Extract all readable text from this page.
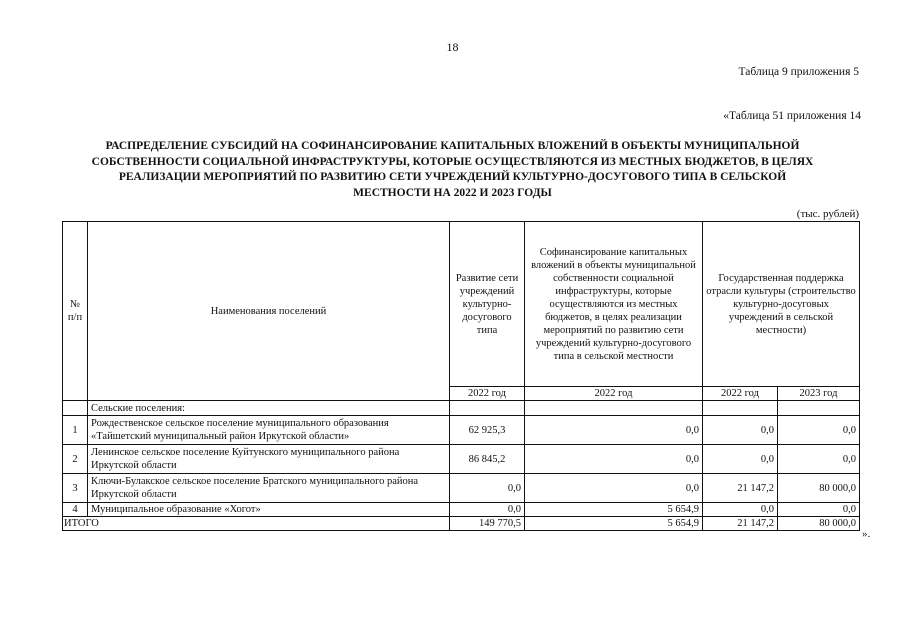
18
Таблица 9 приложения 5
«Таблица 51 приложения 14
РАСПРЕДЕЛЕНИЕ СУБСИДИЙ НА СОФИНАНСИРОВАНИЕ КАПИТАЛЬНЫХ ВЛОЖЕНИЙ В ОБЪЕКТЫ МУНИЦИПАЛЬНОЙ СОБСТВЕННОСТИ СОЦИАЛЬНОЙ ИНФРАСТРУКТУРЫ, КОТОРЫЕ ОСУЩЕСТВЛЯЮТСЯ ИЗ МЕСТНЫХ БЮДЖЕТОВ, В ЦЕЛЯХ РЕАЛИЗАЦИИ МЕРОПРИЯТИЙ ПО РАЗВИТИЮ СЕТИ УЧРЕЖДЕНИЙ КУЛЬТУРНО-ДОСУГОВОГО ТИПА В СЕЛЬСКОЙ МЕСТНОСТИ НА 2022 И 2023 ГОДЫ
(тыс. рублей)
№ п/п	Наименования поселений	Развитие сети учреждений культурно-досугового типа	Софинансирование капитальных вложений в объекты муниципальной собственности социальной инфраструктуры, которые осуществляются из местных бюджетов, в целях реализации мероприятий по развитию сети учреждений культурно-досугового типа в сельской местности	Государственная поддержка отрасли культуры (строительство культурно-досуговых учреждений в сельской местности)	
		2022 год	2022 год	2022 год	2023 год
	Сельские поселения:				
1	Рождественское сельское поселение муниципального образования «Тайшетский муниципальный район Иркутской области»	62 925,3	0,0	0,0	0,0
2	Ленинское сельское поселение Куйтунского муниципального района Иркутской области	86 845,2	0,0	0,0	0,0
3	Ключи-Булакское сельское поселение Братского муниципального района Иркутской области	0,0	0,0	21 147,2	80 000,0
4	Муниципальное образование «Хогот»	0,0	5 654,9	0,0	0,0
ИТОГО		149 770,5	5 654,9	21 147,2	80 000,0
».
